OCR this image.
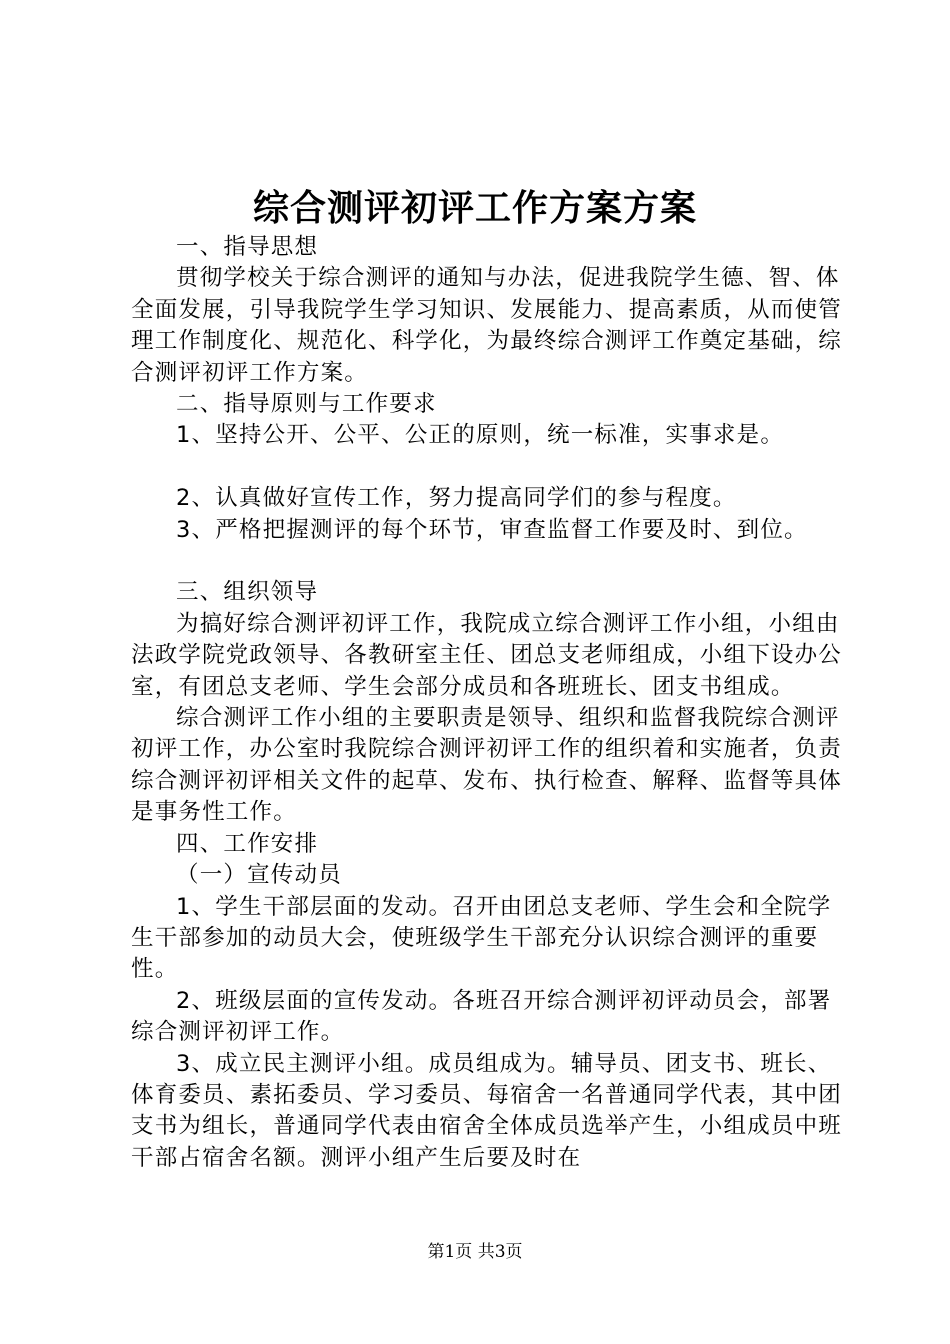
综合测评初评工作方案方案

一、指导思想

贯彻学校关于综合测评的通知与办法，促进我院学生德、智、体全面发展，引导我院学生学习知识、发展能力、提高素质，从而使管理工作制度化、规范化、科学化，为最终综合测评工作奠定基础，综合测评初评工作方案。

二、指导原则与工作要求

1、坚持公开、公平、公正的原则，统一标准，实事求是。

2、认真做好宣传工作，努力提高同学们的参与程度。

3、严格把握测评的每个环节，审查监督工作要及时、到位。

三、组织领导

为搞好综合测评初评工作，我院成立综合测评工作小组，小组由法政学院党政领导、各教研室主任、团总支老师组成，小组下设办公室，有团总支老师、学生会部分成员和各班班长、团支书组成。

综合测评工作小组的主要职责是领导、组织和监督我院综合测评初评工作，办公室时我院综合测评初评工作的组织着和实施者，负责综合测评初评相关文件的起草、发布、执行检查、解释、监督等具体是事务性工作。

四、工作安排

（一）宣传动员

1、学生干部层面的发动。召开由团总支老师、学生会和全院学生干部参加的动员大会，使班级学生干部充分认识综合测评的重要性。

2、班级层面的宣传发动。各班召开综合测评初评动员会，部署综合测评初评工作。

3、成立民主测评小组。成员组成为。辅导员、团支书、班长、体育委员、素拓委员、学习委员、每宿舍一名普通同学代表，其中团支书为组长，普通同学代表由宿舍全体成员选举产生，小组成员中班干部占宿舍名额。测评小组产生后要及时在

第1页 共3页
